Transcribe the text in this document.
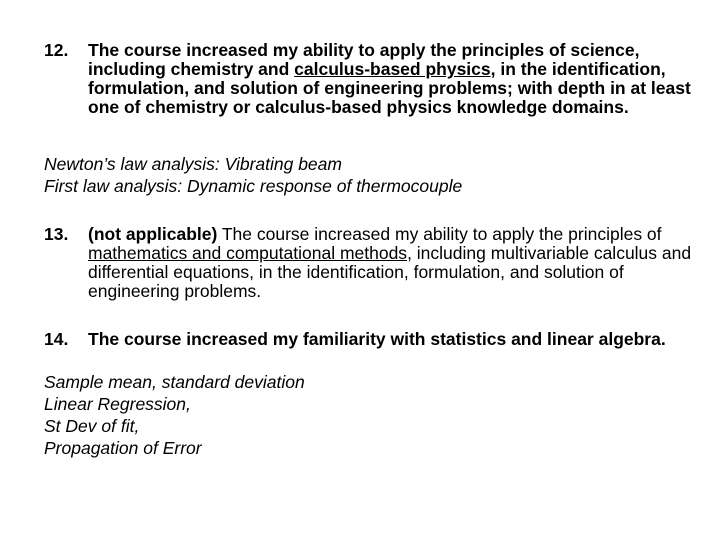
12. The course increased my ability to apply the principles of science, including chemistry and calculus-based physics, in the identification, formulation, and solution of engineering problems; with depth in at least one of chemistry or calculus-based physics knowledge domains.
Newton’s law analysis: Vibrating beam
First law analysis: Dynamic response of thermocouple
13. (not applicable) The course increased my ability to apply the principles of mathematics and computational methods, including multivariable calculus and differential equations, in the identification, formulation, and solution of engineering problems.
14. The course increased my familiarity with statistics and linear algebra.
Sample mean, standard deviation
Linear Regression,
St Dev of fit,
Propagation of Error
